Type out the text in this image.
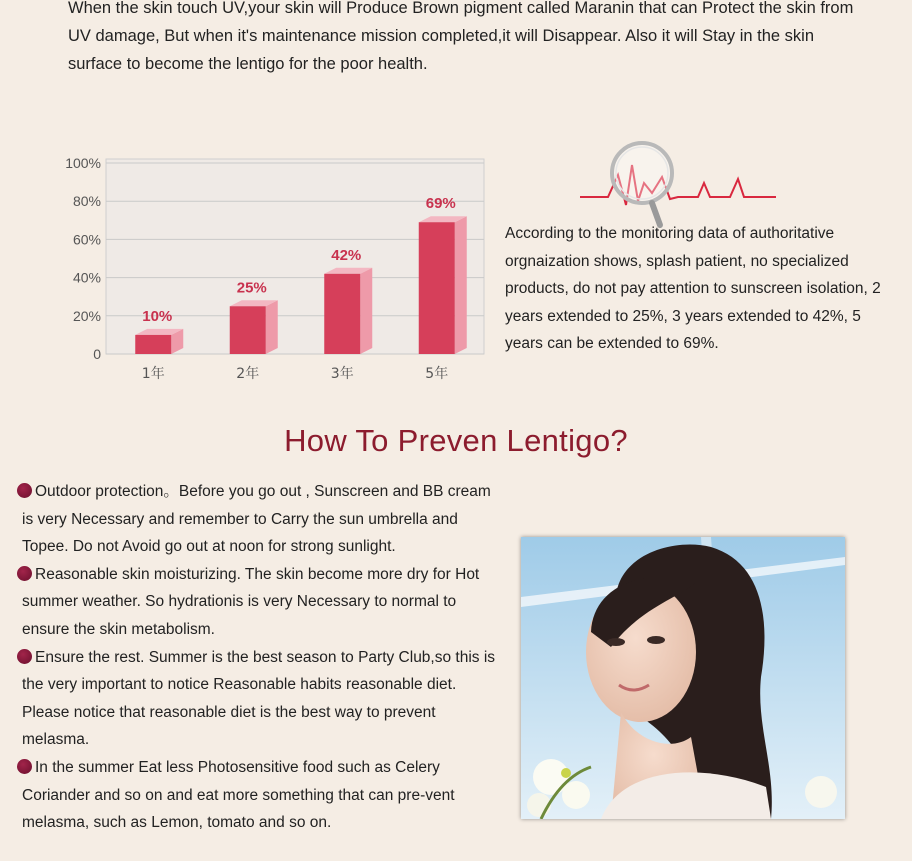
When the skin touch UV,your skin will Produce Brown pigment called Maranin that can Protect the skin from UV damage, But when it's maintenance mission completed,it will Disappear. Also it will Stay in the skin surface to become the lentigo for the poor health.
0
20%
40%
60%
80%
100%
10%
1年
25%
2年
42%
3年
69%
5年
According to the monitoring data of authoritative orgnaization shows, splash patient, no specialized products, do not pay attention to sunscreen isolation, 2 years extended to 25%, 3 years extended to 42%, 5 years can be extended to 69%.
How To Preven Lentigo?

Outdoor protection。Before you go out , Sunscreen and BB cream is very Necessary and remember to Carry the sun umbrella and Topee. Do not Avoid go out at noon for strong sunlight.

Reasonable skin moisturizing. The skin become more dry for Hot summer weather. So hydrationis is very Necessary to normal to ensure the skin metabolism.

Ensure the rest. Summer is the best season to Party Club,so this is the very important to notice Reasonable habits reasonable diet. Please notice that reasonable diet is the best way to prevent melasma.

In the summer Eat less Photosensitive food such as Celery Coriander and so on and eat more something that can pre-vent melasma, such as Lemon, tomato and so on.
